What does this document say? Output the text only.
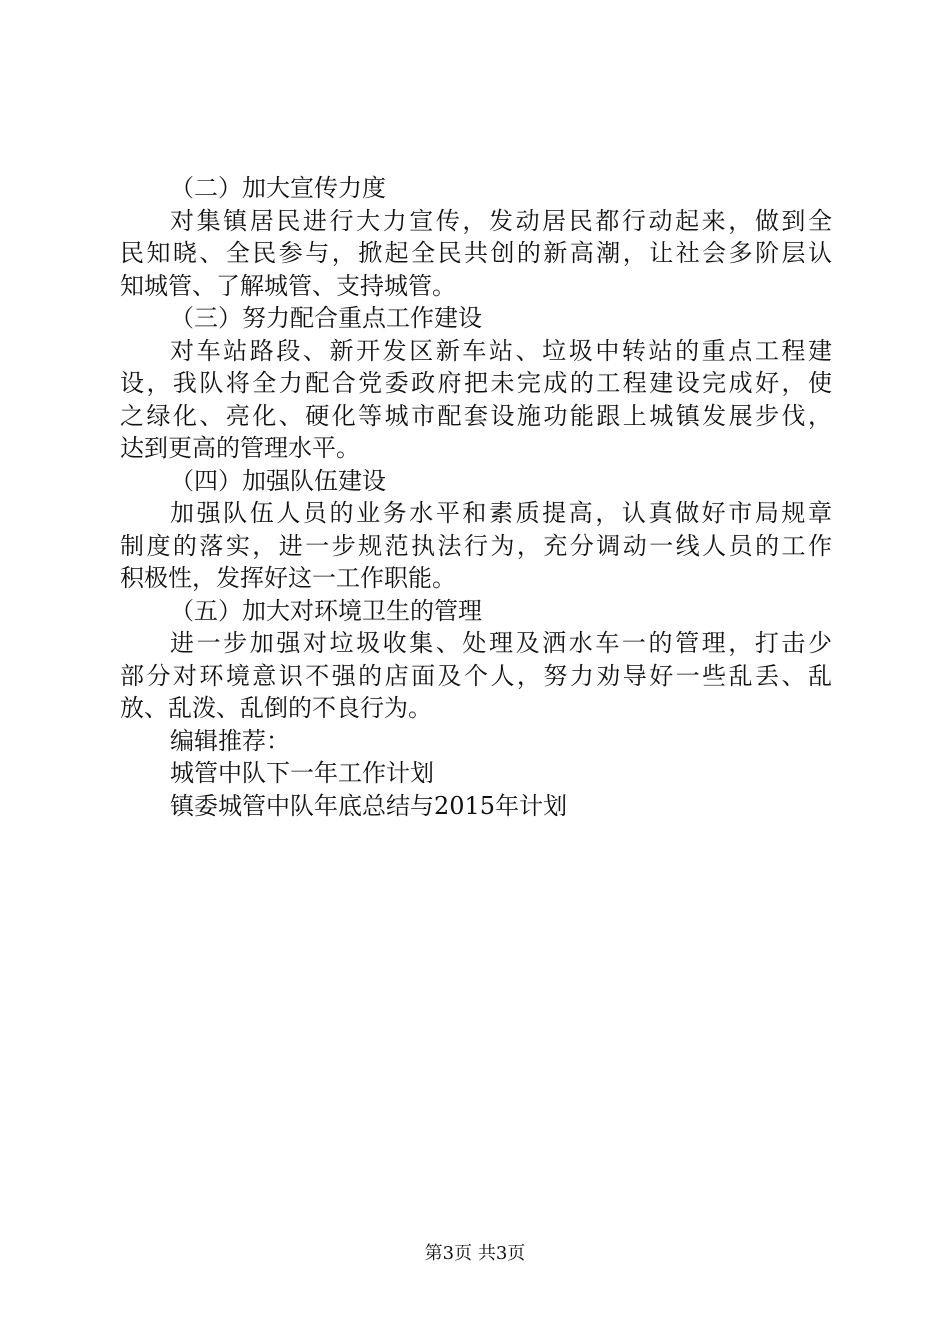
（二）加大宣传力度
对集镇居民进行大力宣传，发动居民都行动起来，做到全
民知晓、全民参与，掀起全民共创的新高潮，让社会多阶层认
知城管、了解城管、支持城管。
（三）努力配合重点工作建设
对车站路段、新开发区新车站、垃圾中转站的重点工程建
设，我队将全力配合党委政府把未完成的工程建设完成好，使
之绿化、亮化、硬化等城市配套设施功能跟上城镇发展步伐，
达到更高的管理水平。
（四）加强队伍建设
加强队伍人员的业务水平和素质提高，认真做好市局规章
制度的落实，进一步规范执法行为，充分调动一线人员的工作
积极性，发挥好这一工作职能。
（五）加大对环境卫生的管理
进一步加强对垃圾收集、处理及洒水车一的管理，打击少
部分对环境意识不强的店面及个人，努力劝导好一些乱丢、乱
放、乱泼、乱倒的不良行为。
编辑推荐：
城管中队下一年工作计划
镇委城管中队年底总结与2015年计划
第3页 共3页
